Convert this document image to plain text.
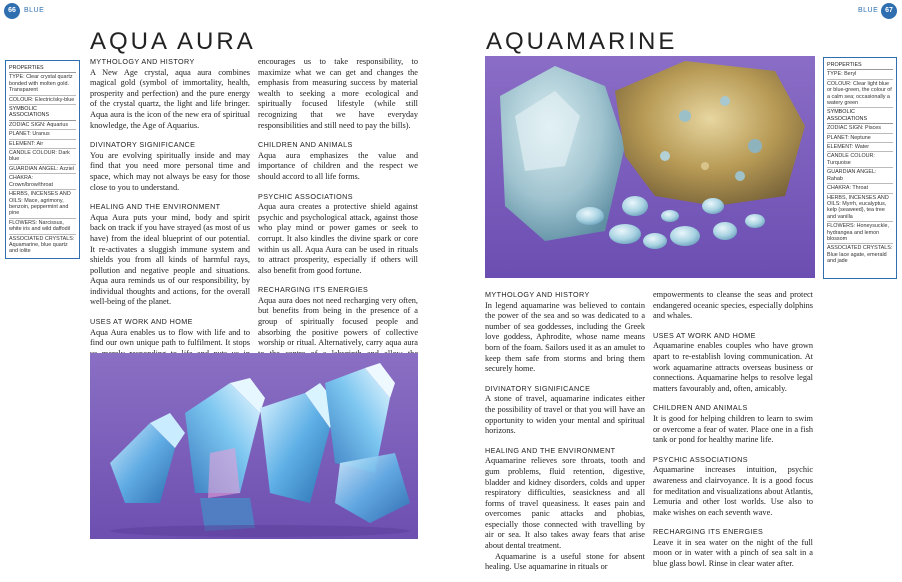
66	BLUE
AQUA AURA
PROPERTIES
TYPE: Clear crystal quartz bonded with molten gold. Transparent
COLOUR: Electric/sky-blue
SYMBOLIC ASSOCIATIONS
ZODIAC SIGN: Aquarius
PLANET: Uranus
ELEMENT: Air
CANDLE COLOUR: Dark blue
GUARDIAN ANGEL: Azziel
CHAKRA: Crown/brow/throat
HERBS, INCENSES AND OILS: Mace, agrimony, benzoin, peppermint and pine
FLOWERS: Narcissus, white iris and wild daffodil
ASSOCIATED CRYSTALS: Aquamarine, blue quartz and iolite
MYTHOLOGY AND HISTORY

A New Age crystal, aqua aura combines magical gold (symbol of immortality, health, prosperity and perfection) and the pure energy of the crystal quartz, the light and life bringer. Aqua aura is the icon of the new era of spiritual knowledge, the Age of Aquarius.

DIVINATORY SIGNIFICANCE

You are evolving spiritually inside and may find that you need more personal time and space, which may not always be easy for those close to you to understand.

HEALING AND THE ENVIRONMENT

Aqua Aura puts your mind, body and spirit back on track if you have strayed (as most of us have) from the ideal blueprint of our potential. It re-activates a sluggish immune system and shields you from all kinds of harmful rays, pollution and negative people and situations. Aqua aura reminds us of our responsibility, by individual thoughts and actions, for the overall well-being of the planet.

USES AT WORK AND HOME

Aqua Aura enables us to flow with life and to find our own unique path to fulfilment. It stops

encourages us to take responsibility, to maximize what we can get and changes the emphasis from measuring success by material wealth to seeking a more ecological and spiritually focused lifestyle (while still recognizing that we have everyday responsibilities and still need to pay the bills).

CHILDREN AND ANIMALS

Aqua aura emphasizes the value and importance of children and the respect we should accord to all life forms.

PSYCHIC ASSOCIATIONS

Aqua aura creates a protective shield against psychic and psychological attack, against those who play mind or power games or seek to corrupt. It also kindles the divine spark or core within us all. Aqua Aura can be used in rituals to attract prosperity, especially if others will also benefit from good fortune.

RECHARGING ITS ENERGIES

Aqua aura does not need recharging very often, but benefits from being in the presence of a group of spiritually focused people and absorbing the positive powers of collective worship or ritual. Alternatively, carry aqua aura

BLUE 67
AQUAMARINE
PROPERTIES
TYPE: Beryl
COLOUR: Clear light blue or blue-green, the colour of a calm sea; occasionally a watery green
SYMBOLIC ASSOCIATIONS
ZODIAC SIGN: Pisces
PLANET: Neptune
ELEMENT: Water
CANDLE COLOUR: Turquoise
GUARDIAN ANGEL: Rahab
CHAKRA: Throat
HERBS, INCENSES AND OILS: Myrrh, eucalyptus, kelp (seaweed), tea tree and vanilla
FLOWERS: Honeysuckle, hydrangea and lemon blossom
ASSOCIATED CRYSTALS: Blue lace agate, emerald and jade
MYTHOLOGY AND HISTORY

In legend aquamarine was believed to contain the power of the sea and so was dedicated to a number of sea goddesses, including the Greek love goddess, Aphrodite, whose name means born of the foam. Sailors used it as an amulet to keep them safe from storms and bring them securely home.

DIVINATORY SIGNIFICANCE

A stone of travel, aquamarine indicates either the possibility of travel or that you will have an opportunity to widen your mental and spiritual horizons.

HEALING AND THE ENVIRONMENT

Aquamarine relieves sore throats, tooth and gum problems, fluid retention, digestive, bladder and kidney disorders, colds and upper respiratory difficulties, seasickness and all forms of travel queasiness. It eases pain and overcomes panic attacks and phobias, especially those connected with travelling by air or sea. It also takes away fears that arise about dental treatment.

Aquamarine is a useful stone for absent healing. Use aquamarine in rituals or

empowerments to cleanse the seas and protect endangered oceanic species, especially dolphins and whales.

USES AT WORK AND HOME

Aquamarine enables couples who have grown apart to re-establish loving communication. At work aquamarine attracts overseas business or connections. Aquamarine helps to resolve legal matters favourably and, often, amicably.

CHILDREN AND ANIMALS

It is good for helping children to learn to swim or overcome a fear of water. Place one in a fish tank or pond for healthy marine life.

PSYCHIC ASSOCIATIONS

Aquamarine increases intuition, psychic awareness and clairvoyance. It is a good focus for meditation and visualizations about Atlantis, Lemuria and other lost worlds. Use also to make wishes on each seventh wave.

RECHARGING ITS ENERGIES

Leave it in sea water on the night of the full moon or in water with a pinch of sea salt in a blue glass bowl. Rinse in clear water after.
